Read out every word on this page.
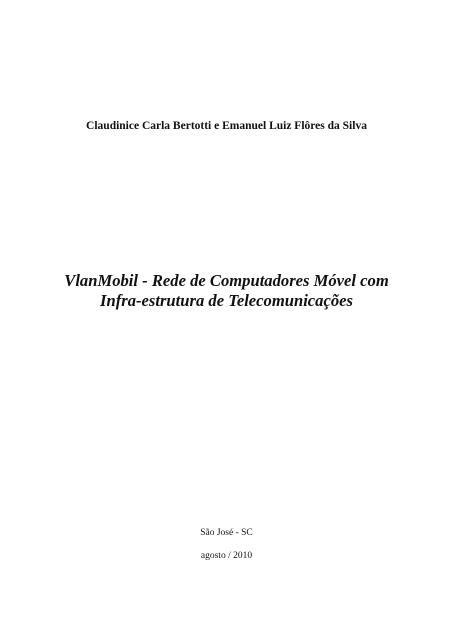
Claudinice Carla Bertotti e Emanuel Luiz Flôres da Silva
VlanMobil - Rede de Computadores Móvel com
Infra-estrutura de Telecomunicações
São José - SC
agosto / 2010
